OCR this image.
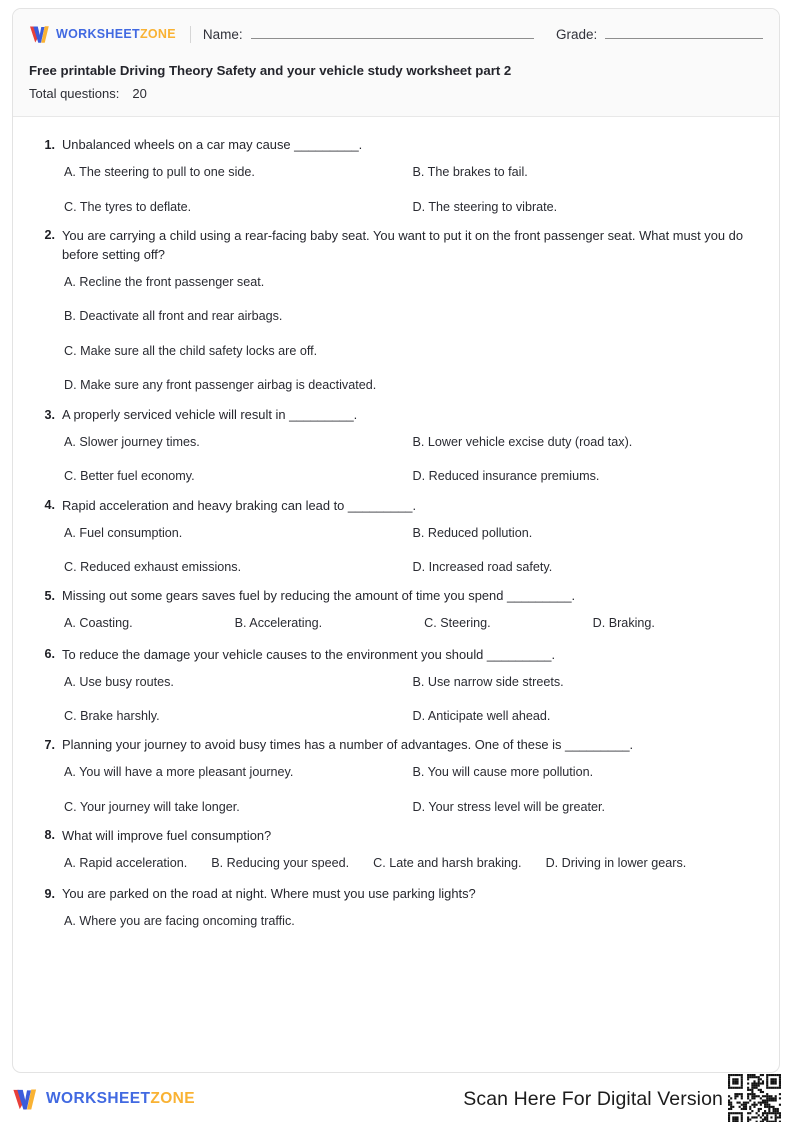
WORKSHEETZONE Name:	Grade:
Free printable Driving Theory Safety and your vehicle study worksheet part 2
Total questions: 20
1. Unbalanced wheels on a car may cause _________.
A. The steering to pull to one side.	B. The brakes to fail.
C. The tyres to deflate.	D. The steering to vibrate.
2. You are carrying a child using a rear-facing baby seat. You want to put it on the front passenger seat. What must you do before setting off?
A. Recline the front passenger seat.
B. Deactivate all front and rear airbags.
C. Make sure all the child safety locks are off.
D. Make sure any front passenger airbag is deactivated.
3. A properly serviced vehicle will result in _________.
A. Slower journey times.	B. Lower vehicle excise duty (road tax).
C. Better fuel economy.	D. Reduced insurance premiums.
4. Rapid acceleration and heavy braking can lead to _________.
A. Fuel consumption.	B. Reduced pollution.
C. Reduced exhaust emissions.	D. Increased road safety.
5. Missing out some gears saves fuel by reducing the amount of time you spend _________.
A. Coasting.	B. Accelerating.	C. Steering.	D. Braking.
6. To reduce the damage your vehicle causes to the environment you should _________.
A. Use busy routes.	B. Use narrow side streets.
C. Brake harshly.	D. Anticipate well ahead.
7. Planning your journey to avoid busy times has a number of advantages. One of these is _________.
A. You will have a more pleasant journey.	B. You will cause more pollution.
C. Your journey will take longer.	D. Your stress level will be greater.
8. What will improve fuel consumption?
A. Rapid acceleration. B. Reducing your speed. C. Late and harsh braking. D. Driving in lower gears.
9. You are parked on the road at night. Where must you use parking lights?
A. Where you are facing oncoming traffic.
WORKSHEETZONE	Scan Here For Digital Version
